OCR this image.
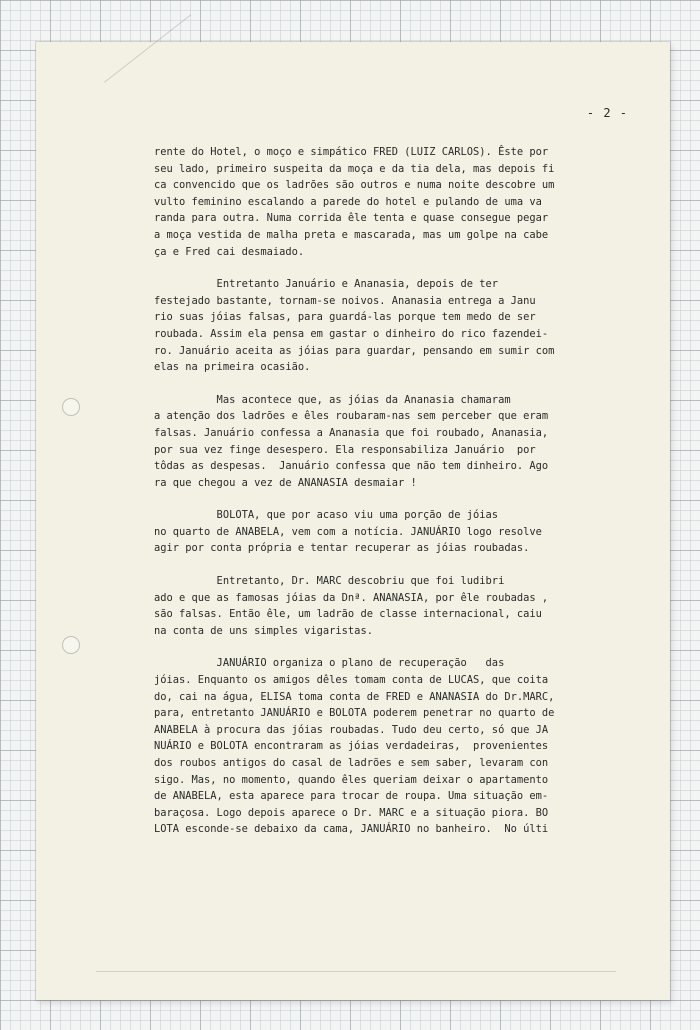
- 2 -
rente do Hotel, o moço e simpático FRED (LUIZ CARLOS). Êste por
seu lado, primeiro suspeita da moça e da tia dela, mas depois fi
ca convencido que os ladrões são outros e numa noite descobre um
vulto feminino escalando a parede do hotel e pulando de uma va
randa para outra. Numa corrida êle tenta e quase consegue pegar
a moça vestida de malha preta e mascarada, mas um golpe na cabe
ça e Fred cai desmaiado.
Entretanto Januário e Ananasia, depois de ter
festejado bastante, tornam-se noivos. Ananasia entrega a Janu
rio suas jóias falsas, para guardá-las porque tem medo de ser
roubada. Assim ela pensa em gastar o dinheiro do rico fazendei-
ro. Januário aceita as jóias para guardar, pensando em sumir com
elas na primeira ocasião.
Mas acontece que, as jóias da Ananasia chamaram
a atenção dos ladrões e êles roubaram-nas sem perceber que eram
falsas. Januário confessa a Ananasia que foi roubado, Ananasia,
por sua vez finge desespero. Ela responsabiliza Januário  por
tôdas as despesas.  Januário confessa que não tem dinheiro. Ago
ra que chegou a vez de ANANASIA desmaiar !
BOLOTA, que por acaso viu uma porção de jóias
no quarto de ANABELA, vem com a notícia. JANUÁRIO logo resolve
agir por conta própria e tentar recuperar as jóias roubadas.
Entretanto, Dr. MARC descobriu que foi ludibri
ado e que as famosas jóias da Dnª. ANANASIA, por êle roubadas ,
são falsas. Então êle, um ladrão de classe internacional, caiu
na conta de uns simples vigaristas.
JANUÁRIO organiza o plano de recuperação   das
jóias. Enquanto os amigos dêles tomam conta de LUCAS, que coita
do, cai na água, ELISA toma conta de FRED e ANANASIA do Dr.MARC,
para, entretanto JANUÁRIO e BOLOTA poderem penetrar no quarto de
ANABELA à procura das jóias roubadas. Tudo deu certo, só que JA
NUÁRIO e BOLOTA encontraram as jóias verdadeiras,  provenientes
dos roubos antigos do casal de ladrões e sem saber, levaram con
sigo. Mas, no momento, quando êles queriam deixar o apartamento
de ANABELA, esta aparece para trocar de roupa. Uma situação em-
baraçosa. Logo depois aparece o Dr. MARC e a situação piora. BO
LOTA esconde-se debaixo da cama, JANUÁRIO no banheiro.  No últi
